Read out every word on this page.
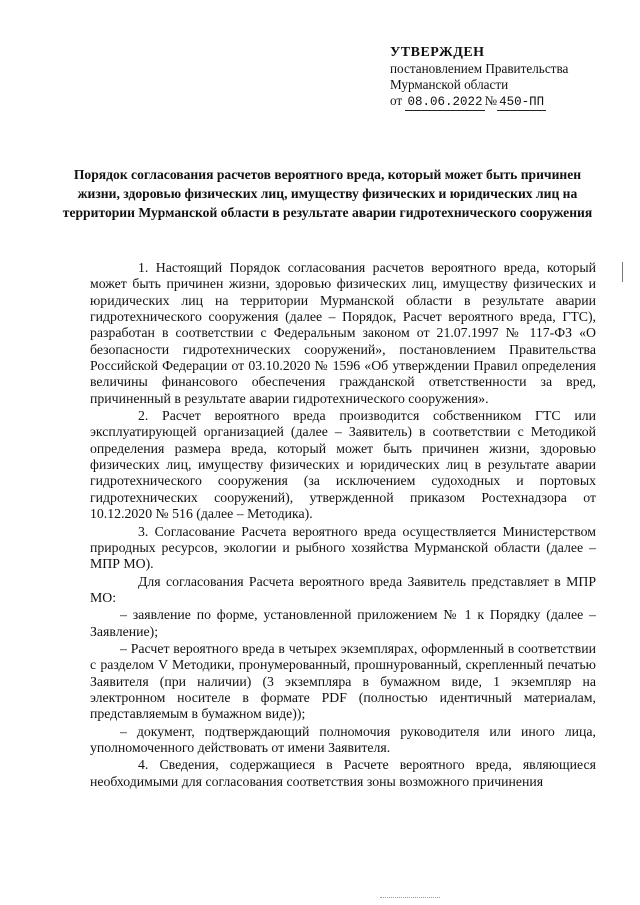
УТВЕРЖДЕН
постановлением Правительства
Мурманской области
от
08.06.2022 № 450-ПП
Порядок согласования расчетов вероятного вреда, который может быть причинен жизни, здоровью физических лиц, имуществу физических и юридических лиц на территории Мурманской области в результате аварии гидротехнического сооружения

1. Настоящий Порядок согласования расчетов вероятного вреда, который может быть причинен жизни, здоровью физических лиц, имуществу физических и юридических лиц на территории Мурманской области в результате аварии гидротехнического сооружения (далее – Порядок, Расчет вероятного вреда, ГТС), разработан в соответствии с Федеральным законом от 21.07.1997 № 117-ФЗ «О безопасности гидротехнических сооружений», постановлением Правительства Российской Федерации от 03.10.2020 № 1596 «Об утверждении Правил определения величины финансового обеспечения гражданской ответственности за вред, причиненный в результате аварии гидротехнического сооружения».

2. Расчет вероятного вреда производится собственником ГТС или эксплуатирующей организацией (далее – Заявитель) в соответствии с Методикой определения размера вреда, который может быть причинен жизни, здоровью физических лиц, имуществу физических и юридических лиц в результате аварии гидротехнического сооружения (за исключением судоходных и портовых гидротехнических сооружений), утвержденной приказом Ростехнадзора от 10.12.2020 № 516 (далее – Методика).

3. Согласование Расчета вероятного вреда осуществляется Министерством природных ресурсов, экологии и рыбного хозяйства Мурманской области (далее – МПР МО).

Для согласования Расчета вероятного вреда Заявитель представляет в МПР МО:

– заявление по форме, установленной приложением № 1 к Порядку (далее – Заявление);

– Расчет вероятного вреда в четырех экземплярах, оформленный в соответствии с разделом V Методики, пронумерованный, прошнурованный, скрепленный печатью Заявителя (при наличии) (3 экземпляра в бумажном виде, 1 экземпляр на электронном носителе в формате PDF (полностью идентичный материалам, представляемым в бумажном виде));

– документ, подтверждающий полномочия руководителя или иного лица, уполномоченного действовать от имени Заявителя.

4. Сведения, содержащиеся в Расчете вероятного вреда, являющиеся необходимыми для согласования соответствия зоны возможного причинения
